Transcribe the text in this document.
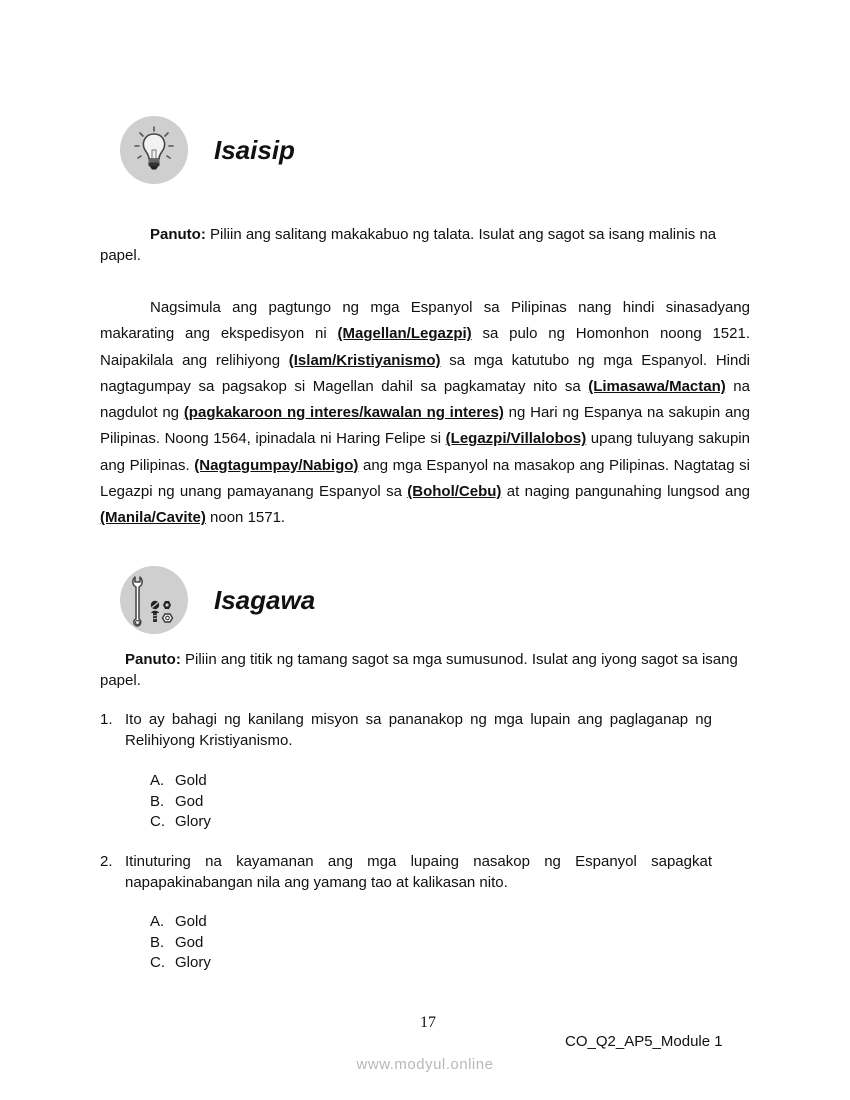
Isaisip
Panuto: Piliin ang salitang makakabuo ng talata. Isulat ang sagot sa isang malinis na papel.
Nagsimula ang pagtungo ng mga Espanyol sa Pilipinas nang hindi sinasadyang makarating ang ekspedisyon ni (Magellan/Legazpi) sa pulo ng Homonhon noong 1521. Naipakilala ang relihiyong (Islam/Kristiyanismo) sa mga katutubo ng mga Espanyol. Hindi nagtagumpay sa pagsakop si Magellan dahil sa pagkamatay nito sa (Limasawa/Mactan) na nagdulot ng (pagkakaroon ng interes/kawalan ng interes) ng Hari ng Espanya na sakupin ang Pilipinas. Noong 1564, ipinadala ni Haring Felipe si (Legazpi/Villalobos) upang tuluyang sakupin ang Pilipinas. (Nagtagumpay/Nabigo) ang mga Espanyol na masakop ang Pilipinas. Nagtatag si Legazpi ng unang pamayanang Espanyol sa (Bohol/Cebu) at naging pangunahing lungsod ang (Manila/Cavite) noon 1571.
Isagawa
Panuto: Piliin ang titik ng tamang sagot sa mga sumusunod. Isulat ang iyong sagot sa isang papel.
1. Ito ay bahagi ng kanilang misyon sa pananakop ng mga lupain ang paglaganap ng Relihiyong Kristiyanismo.
A. Gold
B. God
C. Glory
2. Itinuturing na kayamanan ang mga lupaing nasakop ng Espanyol sapagkat napapakinabangan nila ang yamang tao at kalikasan nito.
A. Gold
B. God
C. Glory
17
CO_Q2_AP5_Module 1
www.modyul.online
